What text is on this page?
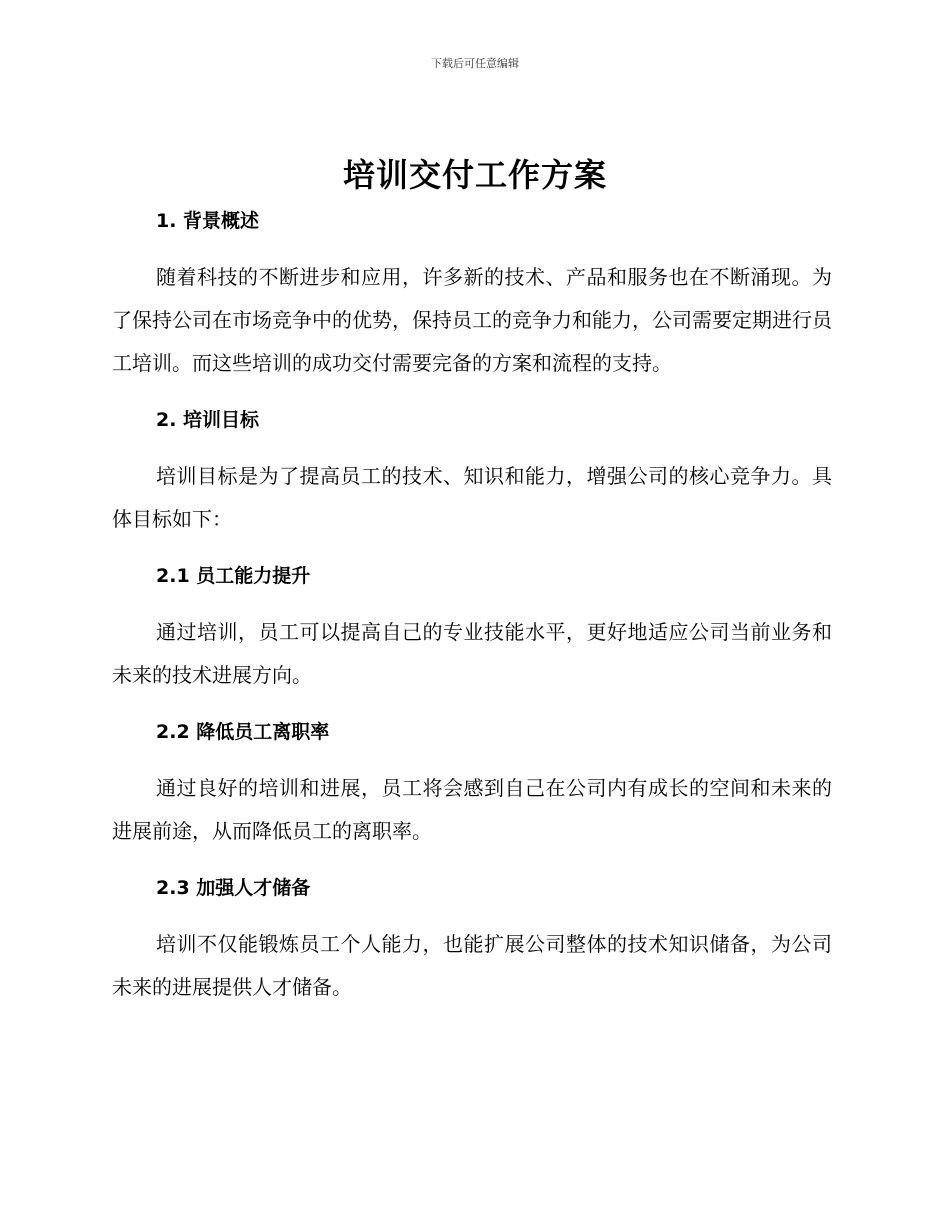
下载后可任意编辑
培训交付工作方案
1. 背景概述

随着科技的不断进步和应用，许多新的技术、产品和服务也在不断涌现。为了保持公司在市场竞争中的优势，保持员工的竞争力和能力，公司需要定期进行员工培训。而这些培训的成功交付需要完备的方案和流程的支持。

2. 培训目标

培训目标是为了提高员工的技术、知识和能力，增强公司的核心竞争力。具体目标如下：

2.1 员工能力提升

通过培训，员工可以提高自己的专业技能水平，更好地适应公司当前业务和未来的技术进展方向。

2.2 降低员工离职率

通过良好的培训和进展，员工将会感到自己在公司内有成长的空间和未来的进展前途，从而降低员工的离职率。

2.3 加强人才储备

培训不仅能锻炼员工个人能力，也能扩展公司整体的技术知识储备，为公司未来的进展提供人才储备。
